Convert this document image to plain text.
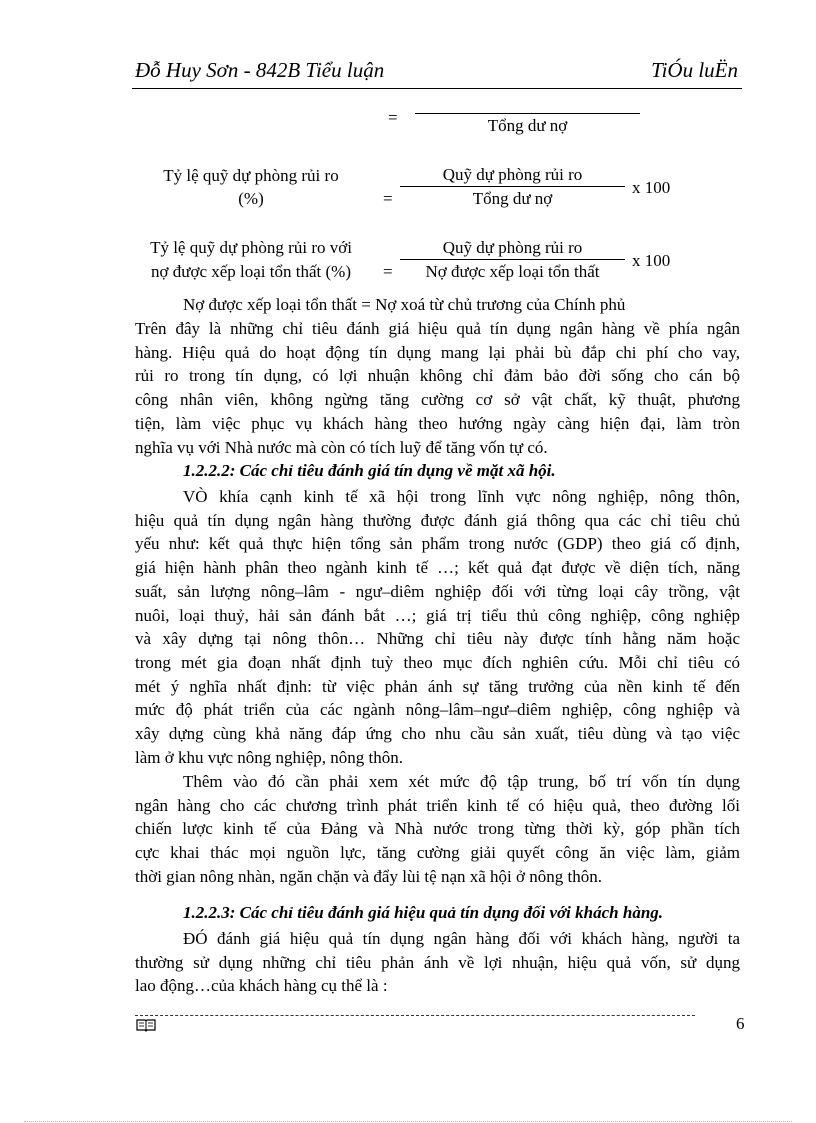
Đỗ Huy Sơn - 842B Tiểu luận	TiÓu luËn
=	Tổng dư nợ
Tỷ lệ quỹ dự phòng rủi ro
(%)	=
Quỹ dự phòng rủi ro
Tổng dư nợ
x 100
Tỷ lệ quỹ dự phòng rủi ro với
nợ được xếp loại tổn thất (%)	=
Quỹ dự phòng rủi ro
Nợ được xếp loại tổn thất
x 100
Nợ được xếp loại tổn thất = Nợ xoá từ chủ trương của Chính phủ
Trên đây là những chỉ tiêu đánh giá hiệu quả tín dụng ngân hàng về phía ngân
hàng. Hiệu quả do hoạt động tín dụng mang lại phải bù đắp chi phí cho vay,
rủi ro trong tín dụng, có lợi nhuận không chỉ đảm bảo đời sống cho cán bộ
công nhân viên, không ngừng tăng cường cơ sở vật chất, kỹ thuật, phương
tiện, làm việc phục vụ khách hàng theo hướng ngày càng hiện đại, làm tròn
nghĩa vụ với Nhà nước mà còn có tích luỹ để tăng vốn tự có.
1.2.2.2: Các chỉ tiêu đánh giá tín dụng về mặt xã hội.
VÒ khía cạnh kinh tế xã hội trong lĩnh vực nông nghiệp, nông thôn,
hiệu quả tín dụng ngân hàng thường được đánh giá thông qua các chỉ tiêu chủ
yếu như: kết quả thực hiện tổng sản phẩm trong nước (GDP) theo giá cố định,
giá hiện hành phân theo ngành kinh tế …; kết quả đạt được về diện tích, năng
suất, sản lượng nông–lâm - ngư–diêm nghiệp đối với từng loại cây trồng, vật
nuôi, loại thuỷ, hải sản đánh bắt …; giá trị tiểu thủ công nghiệp, công nghiệp
và xây dựng tại nông thôn… Những chỉ tiêu này được tính hằng năm hoặc
trong mét gia đoạn nhất định tuỳ theo mục đích nghiên cứu. Mỗi chỉ tiêu có
mét ý nghĩa nhất định: từ việc phản ánh sự tăng trưởng của nền kinh tế đến
mức độ phát triển của các ngành nông–lâm–ngư–diêm nghiệp, công nghiệp và
xây dựng cùng khả năng đáp ứng cho nhu cầu sản xuất, tiêu dùng và tạo việc
làm ở khu vực nông nghiệp, nông thôn.
Thêm vào đó cần phải xem xét mức độ tập trung, bố trí vốn tín dụng
ngân hàng cho các chương trình phát triển kinh tế có hiệu quả, theo đường lối
chiến lược kinh tế của Đảng và Nhà nước trong từng thời kỳ, góp phần tích
cực khai thác mọi nguồn lực, tăng cường giải quyết công ăn việc làm, giảm
thời gian nông nhàn, ngăn chặn và đẩy lùi tệ nạn xã hội ở nông thôn.
1.2.2.3: Các chỉ tiêu đánh giá hiệu quả tín dụng đối với khách hàng.
ĐÓ đánh giá hiệu quả tín dụng ngân hàng đối với khách hàng, người ta
thường sử dụng những chỉ tiêu phản ánh về lợi nhuận, hiệu quả vốn, sử dụng
lao động…của khách hàng cụ thể là :
6
